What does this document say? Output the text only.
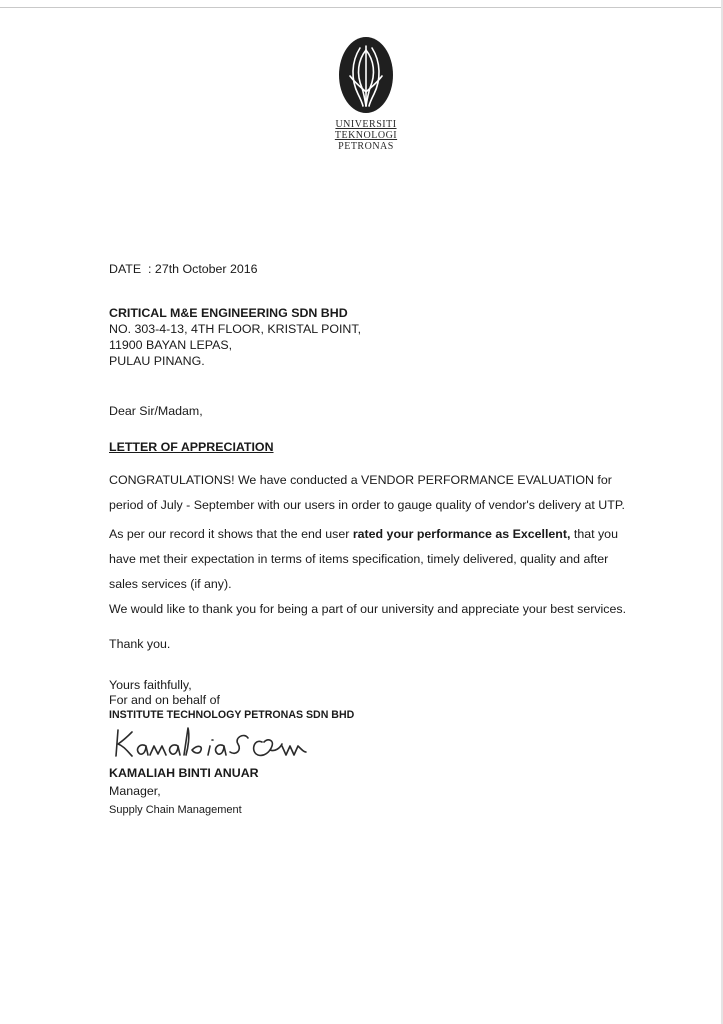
UNIVERSITI
TEKNOLOGI
PETRONAS
DATE  : 27th October 2016
CRITICAL M&E ENGINEERING SDN BHD
NO. 303-4-13, 4TH FLOOR, KRISTAL POINT,
11900 BAYAN LEPAS,
PULAU PINANG.
Dear Sir/Madam,
LETTER OF APPRECIATION
CONGRATULATIONS! We have conducted a VENDOR PERFORMANCE EVALUATION for period of July - September with our users in order to gauge quality of vendor's delivery at UTP.
As per our record it shows that the end user rated your performance as Excellent, that you have met their expectation in terms of items specification, timely delivered, quality and after sales services (if any).
We would like to thank you for being a part of our university and appreciate your best services.
Thank you.
Yours faithfully,
For and on behalf of
INSTITUTE TECHNOLOGY PETRONAS SDN BHD
KAMALIAH BINTI ANUAR
Manager,
Supply Chain Management
